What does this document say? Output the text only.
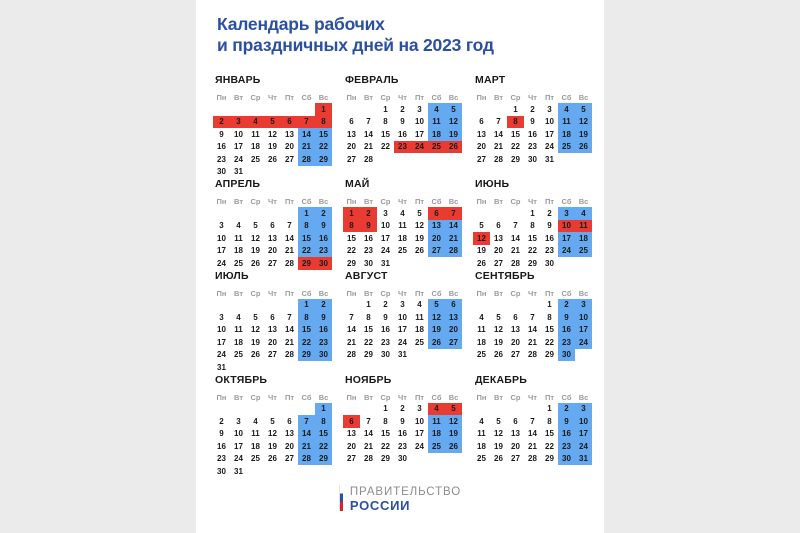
Календарь рабочих
и праздничных дней на 2023 год
ЯНВАРЬ
Пн	Вт	Ср	Чт	Пт	Сб	Вс
						1
2	3	4	5	6	7	8
9	10	11	12	13	14	15
16	17	18	19	20	21	22
23	24	25	26	27	28	29
30	31					
ФЕВРАЛЬ
Пн	Вт	Ср	Чт	Пт	Сб	Вс
		1	2	3	4	5
6	7	8	9	10	11	12
13	14	15	16	17	18	19
20	21	22	23	24	25	26
27	28					
МАРТ
Пн	Вт	Ср	Чт	Пт	Сб	Вс
		1	2	3	4	5
6	7	8	9	10	11	12
13	14	15	16	17	18	19
20	21	22	23	24	25	26
27	28	29	30	31		
АПРЕЛЬ
Пн	Вт	Ср	Чт	Пт	Сб	Вс
					1	2
3	4	5	6	7	8	9
10	11	12	13	14	15	16
17	18	19	20	21	22	23
24	25	26	27	28	29	30
МАЙ
Пн	Вт	Ср	Чт	Пт	Сб	Вс
1	2	3	4	5	6	7
8	9	10	11	12	13	14
15	16	17	18	19	20	21
22	23	24	25	26	27	28
29	30	31				
ИЮНЬ
Пн	Вт	Ср	Чт	Пт	Сб	Вс
			1	2	3	4
5	6	7	8	9	10	11
12	13	14	15	16	17	18
19	20	21	22	23	24	25
26	27	28	29	30		
ИЮЛЬ
Пн	Вт	Ср	Чт	Пт	Сб	Вс
					1	2
3	4	5	6	7	8	9
10	11	12	13	14	15	16
17	18	19	20	21	22	23
24	25	26	27	28	29	30
31						
АВГУСТ
Пн	Вт	Ср	Чт	Пт	Сб	Вс
	1	2	3	4	5	6
7	8	9	10	11	12	13
14	15	16	17	18	19	20
21	22	23	24	25	26	27
28	29	30	31			
СЕНТЯБРЬ
Пн	Вт	Ср	Чт	Пт	Сб	Вс
				1	2	3
4	5	6	7	8	9	10
11	12	13	14	15	16	17
18	19	20	21	22	23	24
25	26	27	28	29	30	
ОКТЯБРЬ
Пн	Вт	Ср	Чт	Пт	Сб	Вс
						1
2	3	4	5	6	7	8
9	10	11	12	13	14	15
16	17	18	19	20	21	22
23	24	25	26	27	28	29
30	31					
НОЯБРЬ
Пн	Вт	Ср	Чт	Пт	Сб	Вс
		1	2	3	4	5
6	7	8	9	10	11	12
13	14	15	16	17	18	19
20	21	22	23	24	25	26
27	28	29	30			
ДЕКАБРЬ
Пн	Вт	Ср	Чт	Пт	Сб	Вс
				1	2	3
4	5	6	7	8	9	10
11	12	13	14	15	16	17
18	19	20	21	22	23	24
25	26	27	28	29	30	31
ПРАВИТЕЛЬСТВО
РОССИИ
